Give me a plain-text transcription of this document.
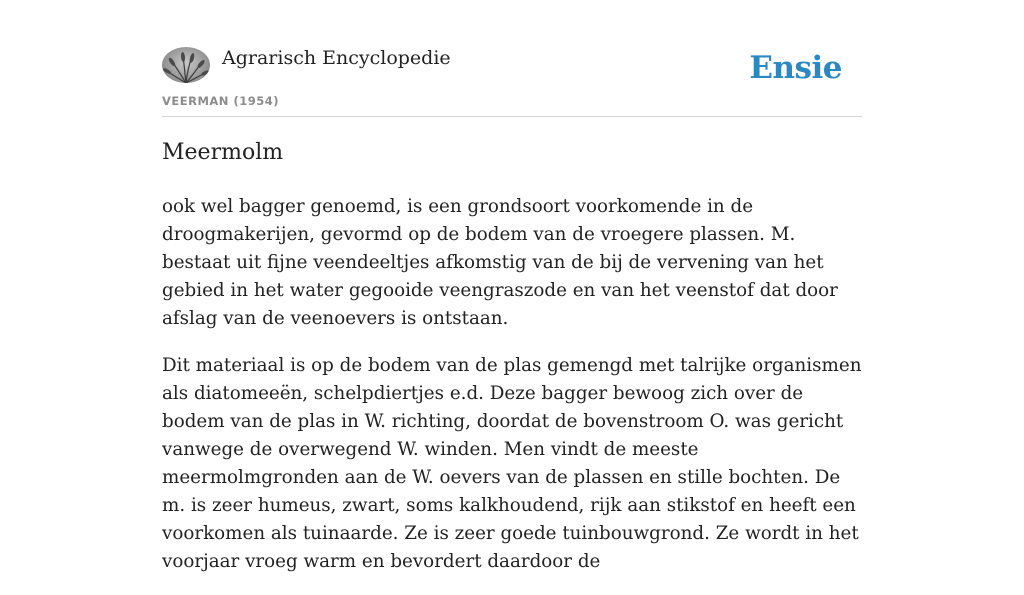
Agrarisch Encyclopedie
VEERMAN (1954)
Ensie
Meermolm

ook wel bagger genoemd, is een grondsoort voorkomende in de droogmakerijen, gevormd op de bodem van de vroegere plassen. M. bestaat uit fijne veendeeltjes afkomstig van de bij de vervening van het gebied in het water gegooide veengraszode en van het veenstof dat door afslag van de veenoevers is ontstaan.

Dit materiaal is op de bodem van de plas gemengd met talrijke organismen als diatomeeën, schelpdiertjes e.d. Deze bagger bewoog zich over de bodem van de plas in W. richting, doordat de bovenstroom O. was gericht vanwege de overwegend W. winden. Men vindt de meeste meermolmgronden aan de W. oevers van de plassen en stille bochten. De m. is zeer humeus, zwart, soms kalkhoudend, rijk aan stikstof en heeft een voorkomen als tuinaarde. Ze is zeer goede tuinbouwgrond. Ze wordt in het voorjaar vroeg warm en bevordert daardoor de
